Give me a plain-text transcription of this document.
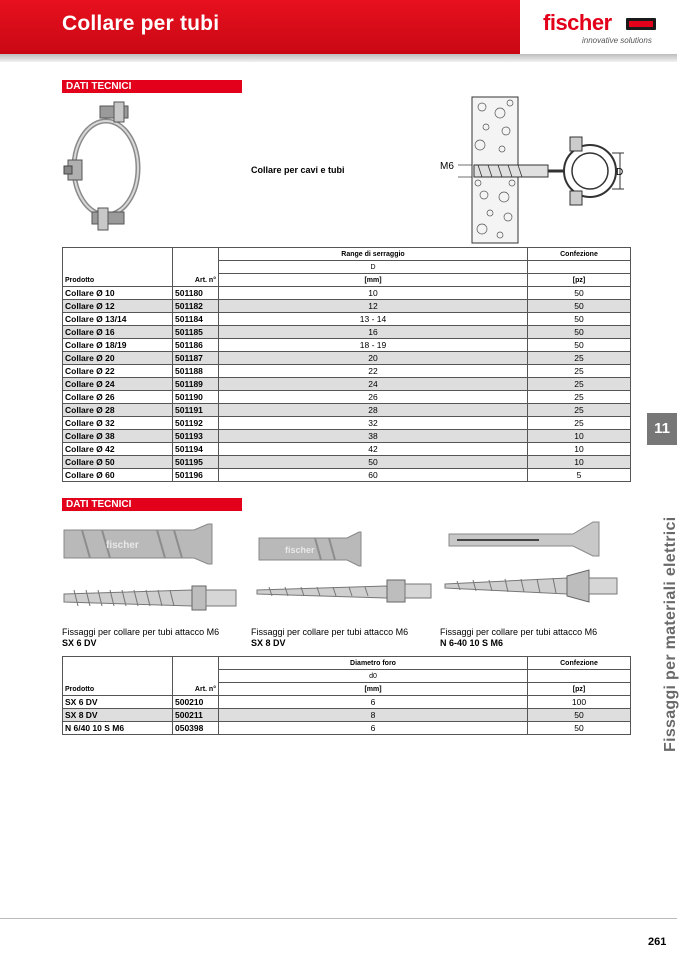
Collare per tubi	fischer
innovative solutions
DATI TECNICI
Collare per cavi e tubi	M6
D
Prodotto	Art. n°	Range di serraggio	Confezione
		D	
		[mm]	[pz]
Collare Ø 10	501180	10	50
Collare Ø 12	501182	12	50
Collare Ø 13/14	501184	13 - 14	50
Collare Ø 16	501185	16	50
Collare Ø 18/19	501186	18 - 19	50
Collare Ø 20	501187	20	25
Collare Ø 22	501188	22	25
Collare Ø 24	501189	24	25
Collare Ø 26	501190	26	25
Collare Ø 28	501191	28	25
Collare Ø 32	501192	32	25
Collare Ø 38	501193	38	10
Collare Ø 42	501194	42	10
Collare Ø 50	501195	50	10
Collare Ø 60	501196	60	5
DATI TECNICI
fischer	fischer
Fissaggi per collare per tubi attacco M6
SX 6 DV
Fissaggi per collare per tubi attacco M6
SX 8 DV
Fissaggi per collare per tubi attacco M6
N 6-40 10 S M6
Prodotto	Art. n°	Diametro foro	Confezione
		d0	
		[mm]	[pz]
SX 6 DV	500210	6	100
SX 8 DV	500211	8	50
N 6/40 10 S M6	050398	6	50
11
Fissaggi per materiali elettrici
261
